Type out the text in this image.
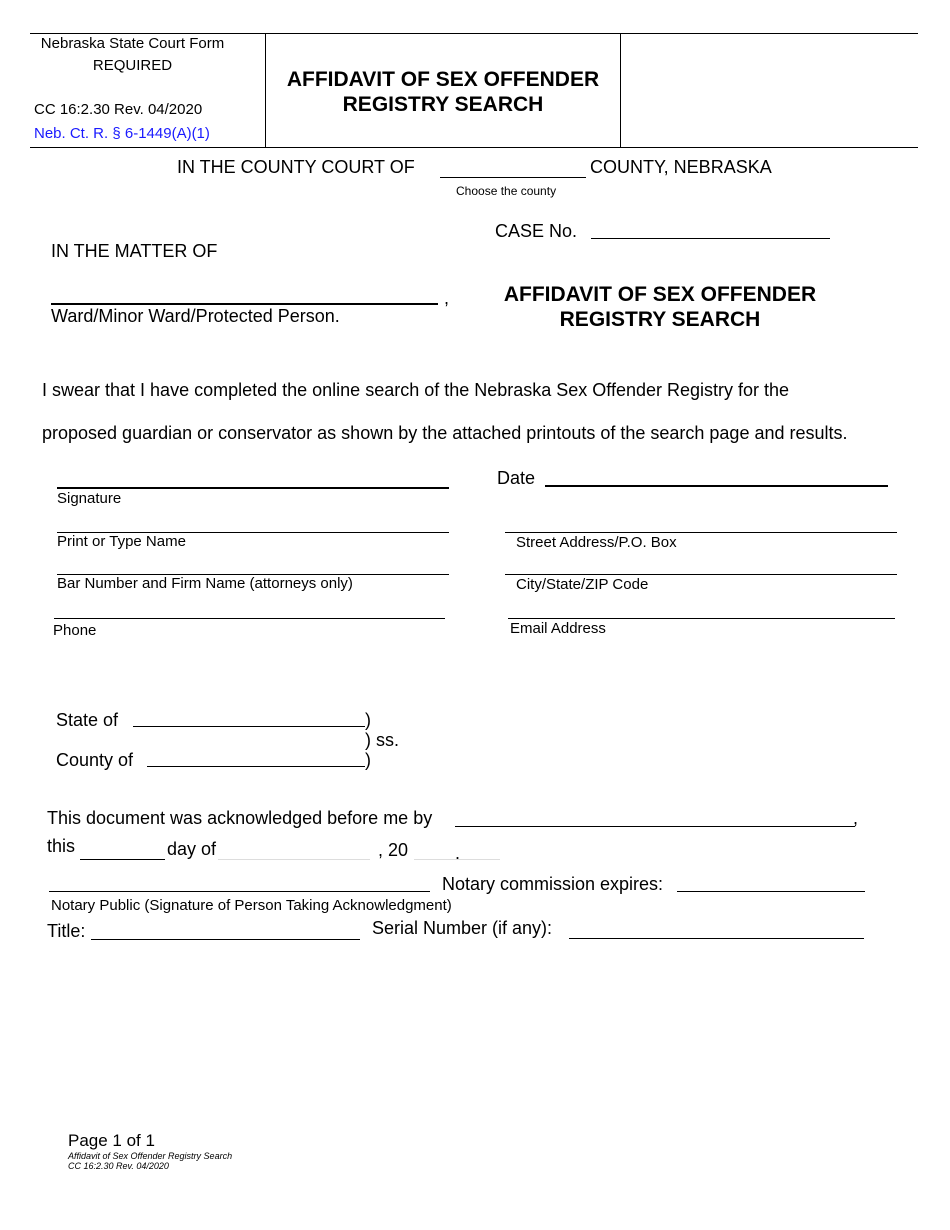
Nebraska State Court Form
REQUIRED
CC 16:2.30 Rev. 04/2020
Neb. Ct. R. § 6-1449(A)(1)
AFFIDAVIT OF SEX OFFENDER
REGISTRY SEARCH
IN THE COUNTY COURT OF	COUNTY, NEBRASKA
Choose the county
CASE No.
IN THE MATTER OF
,
Ward/Minor Ward/Protected Person.
AFFIDAVIT OF SEX OFFENDER
REGISTRY SEARCH
I swear that I have completed the online search of the Nebraska Sex Offender Registry for the
proposed guardian or conservator as shown by the attached printouts of the search page and results.
Signature
Date
Print or Type Name	Street Address/P.O. Box
Bar Number and Firm Name (attorneys only)	City/State/ZIP Code
Phone	Email Address
State of	)
) ss.
County of	)
This document was acknowledged before me by	,
this	day of	, 20	.
Notary commission expires:
Notary Public (Signature of Person Taking Acknowledgment)
Title:	Serial Number (if any):
Page 1 of 1
Affidavit of Sex Offender Registry Search
CC 16:2.30 Rev. 04/2020
